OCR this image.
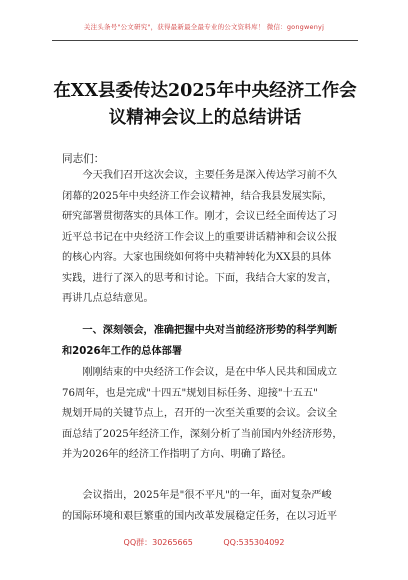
关注头条号"公文研究"，获得最新最全最专业的公文资料库！ 微信：gongwenyj
在XX县委传达2025年中央经济工作会
议精神会议上的总结讲话
同志们：

今天我们召开这次会议，主要任务是深入传达学习前不久

闭幕的2025年中央经济工作会议精神，结合我县发展实际，

研究部署贯彻落实的具体工作。刚才，会议已经全面传达了习

近平总书记在中央经济工作会议上的重要讲话精神和会议公报

的核心内容。大家也围绕如何将中央精神转化为XX县的具体

实践，进行了深入的思考和讨论。下面，我结合大家的发言，

再讲几点总结意见。

一、深刻领会，准确把握中央对当前经济形势的科学判断
和2026年工作的总体部署

刚刚结束的中央经济工作会议，是在中华人民共和国成立

76周年，也是完成"十四五"规划目标任务、迎接"十五五"

规划开局的关键节点上，召开的一次至关重要的会议。会议全

面总结了2025年经济工作，深刻分析了当前国内外经济形势，

并为2026年的经济工作指明了方向、明确了路径。

会议指出，2025年是"很不平凡"的一年，面对复杂严峻

的国际环境和艰巨繁重的国内改革发展稳定任务，在以习近平

QQ群：30265665	QQ:535304092
